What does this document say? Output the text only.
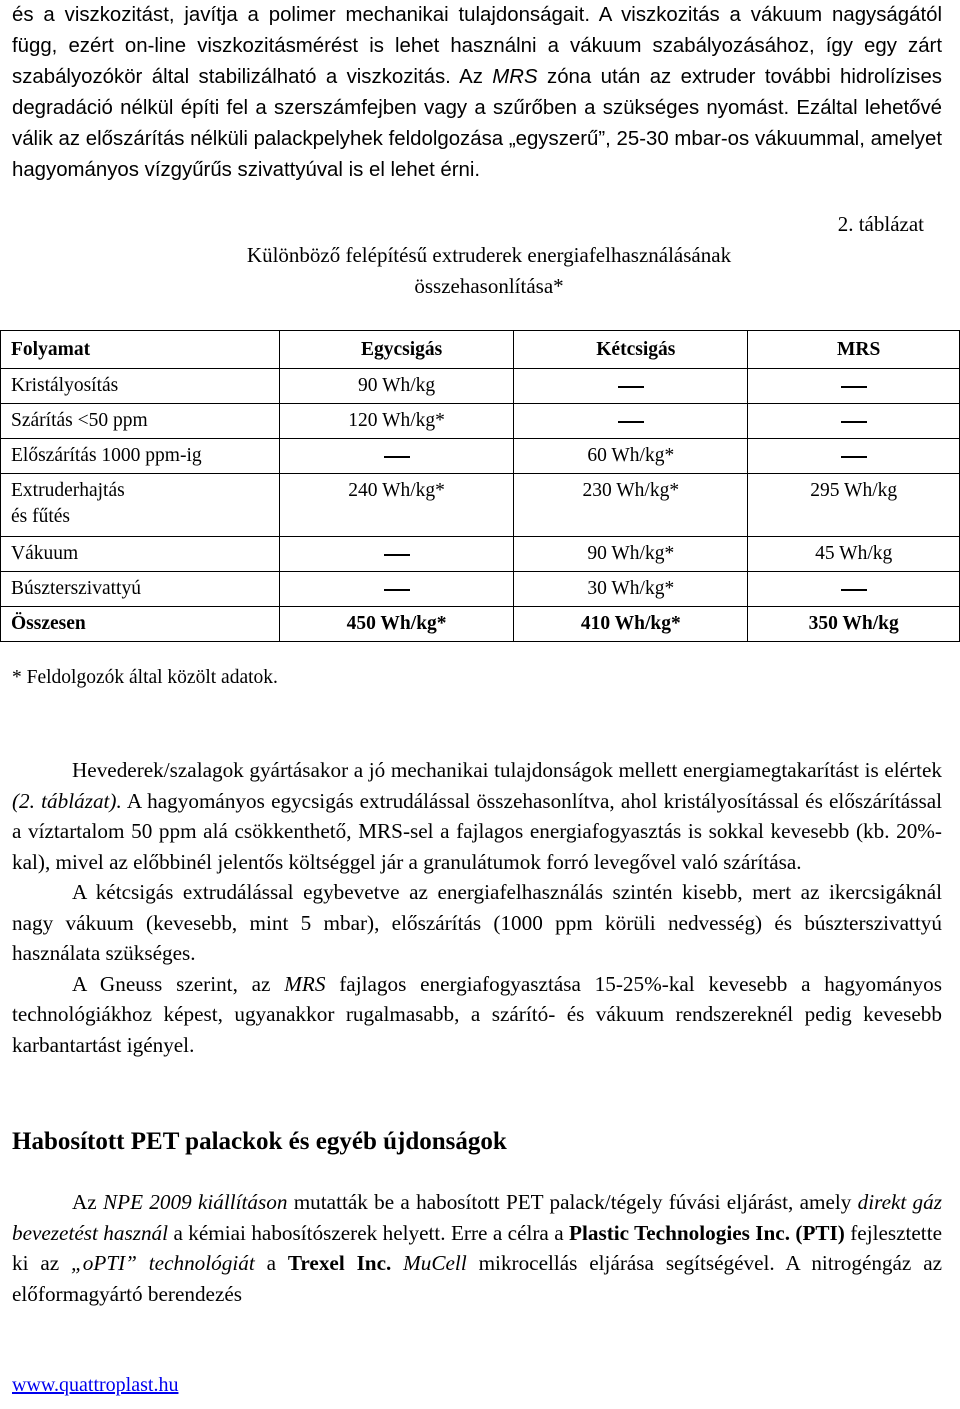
és a viszkozitást, javítja a polimer mechanikai tulajdonságait. A viszkozitás a vákuum nagyságától függ, ezért on-line viszkozitásmérést is lehet használni a vákuum szabályozásához, így egy zárt szabályozókör által stabilizálható a viszkozitás. Az MRS zóna után az extruder további hidrolízises degradáció nélkül építi fel a szerszámfejben vagy a szűrőben a szükséges nyomást. Ezáltal lehetővé válik az előszárítás nélküli palackpelyhek feldolgozása „egyszerű”, 25-30 mbar-os vákuummal, amelyet hagyományos vízgyűrűs szivattyúval is el lehet érni.

2. táblázat
Különböző felépítésű extruderek energiafelhasználásának
összehasonlítása*
Folyamat	Egycsigás	Kétcsigás	MRS
Kristályosítás	90 Wh/kg		
Szárítás <50 ppm	120 Wh/kg*		
Előszárítás 1000 ppm-ig		60 Wh/kg*	
Extruderhajtás
és fűtés	240 Wh/kg*	230 Wh/kg*	295 Wh/kg
Vákuum		90 Wh/kg*	45 Wh/kg
Búszterszivattyú		30 Wh/kg*	
Összesen	450 Wh/kg*	410 Wh/kg*	350 Wh/kg
* Feldolgozók által közölt adatok.

Hevederek/szalagok gyártásakor a jó mechanikai tulajdonságok mellett energiamegtakarítást is elértek (2. táblázat). A hagyományos egycsigás extrudálással összehasonlítva, ahol kristályosítással és előszárítással a víztartalom 50 ppm alá csökkenthető, MRS-sel a fajlagos energiafogyasztás is sokkal kevesebb (kb. 20%-kal), mivel az előbbinél jelentős költséggel jár a granulátumok forró levegővel való szárítása.

A kétcsigás extrudálással egybevetve az energiafelhasználás szintén kisebb, mert az ikercsigáknál nagy vákuum (kevesebb, mint 5 mbar), előszárítás (1000 ppm körüli nedvesség) és búszterszivattyú használata szükséges.

A Gneuss szerint, az MRS fajlagos energiafogyasztása 15-25%-kal kevesebb a hagyományos technológiákhoz képest, ugyanakkor rugalmasabb, a szárító- és vákuum rendszereknél pedig kevesebb karbantartást igényel.

Habosított PET palackok és egyéb újdonságok

Az NPE 2009 kiállításon mutatták be a habosított PET palack/tégely fúvási eljárást, amely direkt gáz bevezetést használ a kémiai habosítószerek helyett. Erre a célra a Plastic Technologies Inc. (PTI) fejlesztette ki az „oPTI” technológiát a Trexel Inc. MuCell mikrocellás eljárása segítségével. A nitrogéngáz az előformagyártó berendezés

www.quattroplast.hu
